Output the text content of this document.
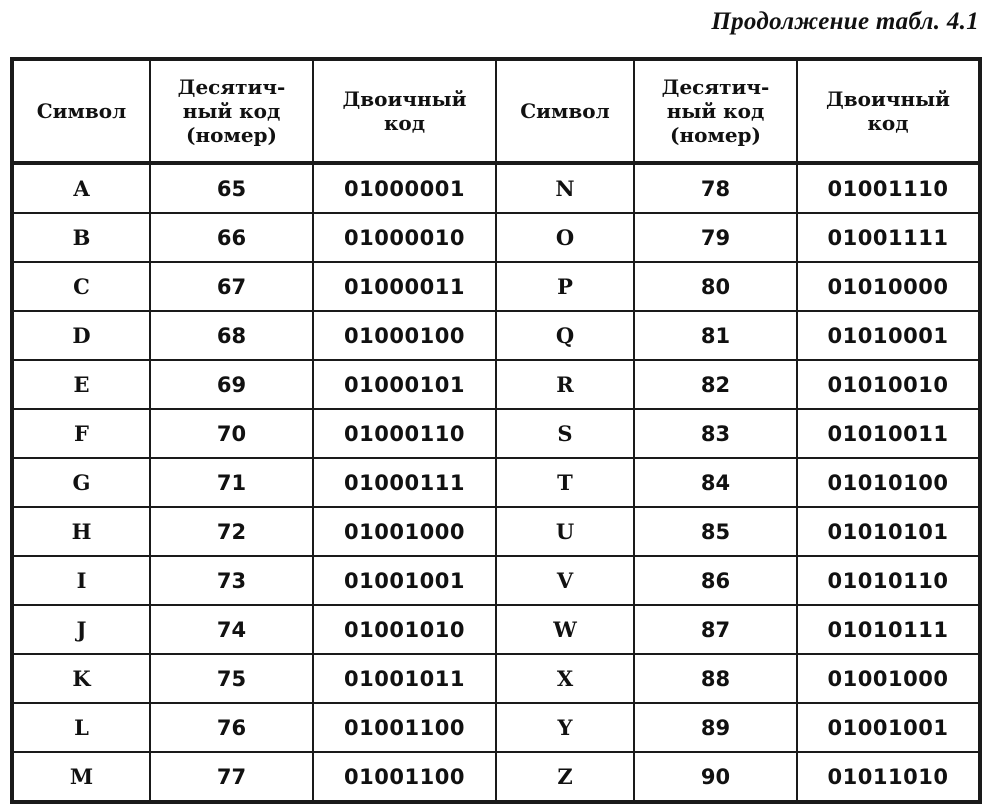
Продолжение табл. 4.1
Символ	Десятич-
ный код
(номер)	Двоичный
код	Символ	Десятич-
ный код
(номер)	Двоичный
код

A	65	01000001	N	78	01001110
B	66	01000010	O	79	01001111
C	67	01000011	P	80	01010000
D	68	01000100	Q	81	01010001
E	69	01000101	R	82	01010010
F	70	01000110	S	83	01010011
G	71	01000111	T	84	01010100
H	72	01001000	U	85	01010101
I	73	01001001	V	86	01010110
J	74	01001010	W	87	01010111
K	75	01001011	X	88	01001000
L	76	01001100	Y	89	01001001
M	77	01001100	Z	90	01011010
